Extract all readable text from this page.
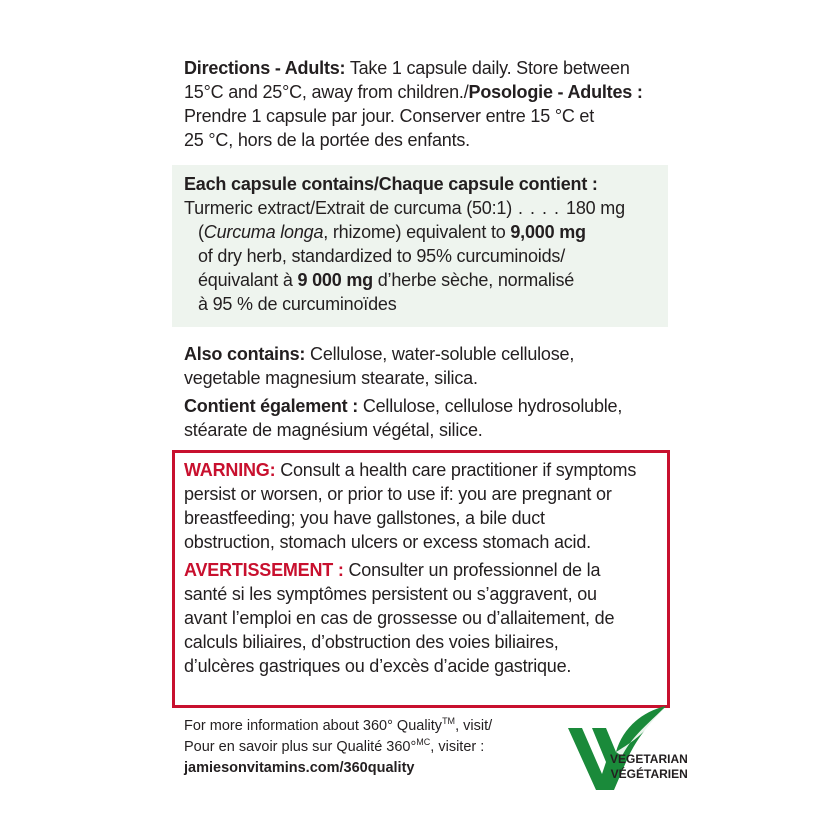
Directions - Adults: Take 1 capsule daily. Store between
15°C and 25°C, away from children./Posologie - Adultes :
Prendre 1 capsule par jour. Conserver entre 15 °C et
25 °C, hors de la portée des enfants.
Each capsule contains/Chaque capsule contient :
Turmeric extract/Extrait de curcuma (50:1) . . . . 180 mg
(Curcuma longa, rhizome) equivalent to 9,000 mg
of dry herb, standardized to 95% curcuminoids/
équivalant à 9 000 mg d’herbe sèche, normalisé
à 95 % de curcuminoïdes
Also contains: Cellulose, water-soluble cellulose,
vegetable magnesium stearate, silica.
Contient également : Cellulose, cellulose hydrosoluble,
stéarate de magnésium végétal, silice.
WARNING: Consult a health care practitioner if symptoms
persist or worsen, or prior to use if: you are pregnant or
breastfeeding; you have gallstones, a bile duct
obstruction, stomach ulcers or excess stomach acid.
AVERTISSEMENT : Consulter un professionnel de la
santé si les symptômes persistent ou s’aggravent, ou
avant l’emploi en cas de grossesse ou d’allaitement, de
calculs biliaires, d’obstruction des voies biliaires,
d’ulcères gastriques ou d’excès d’acide gastrique.
For more information about 360° Quality™, visit/
Pour en savoir plus sur Qualité 360°$^{MC}$, visiter :
jamiesonvitamins.com/360quality
VEGETARIAN
VÉGÉTARIEN
